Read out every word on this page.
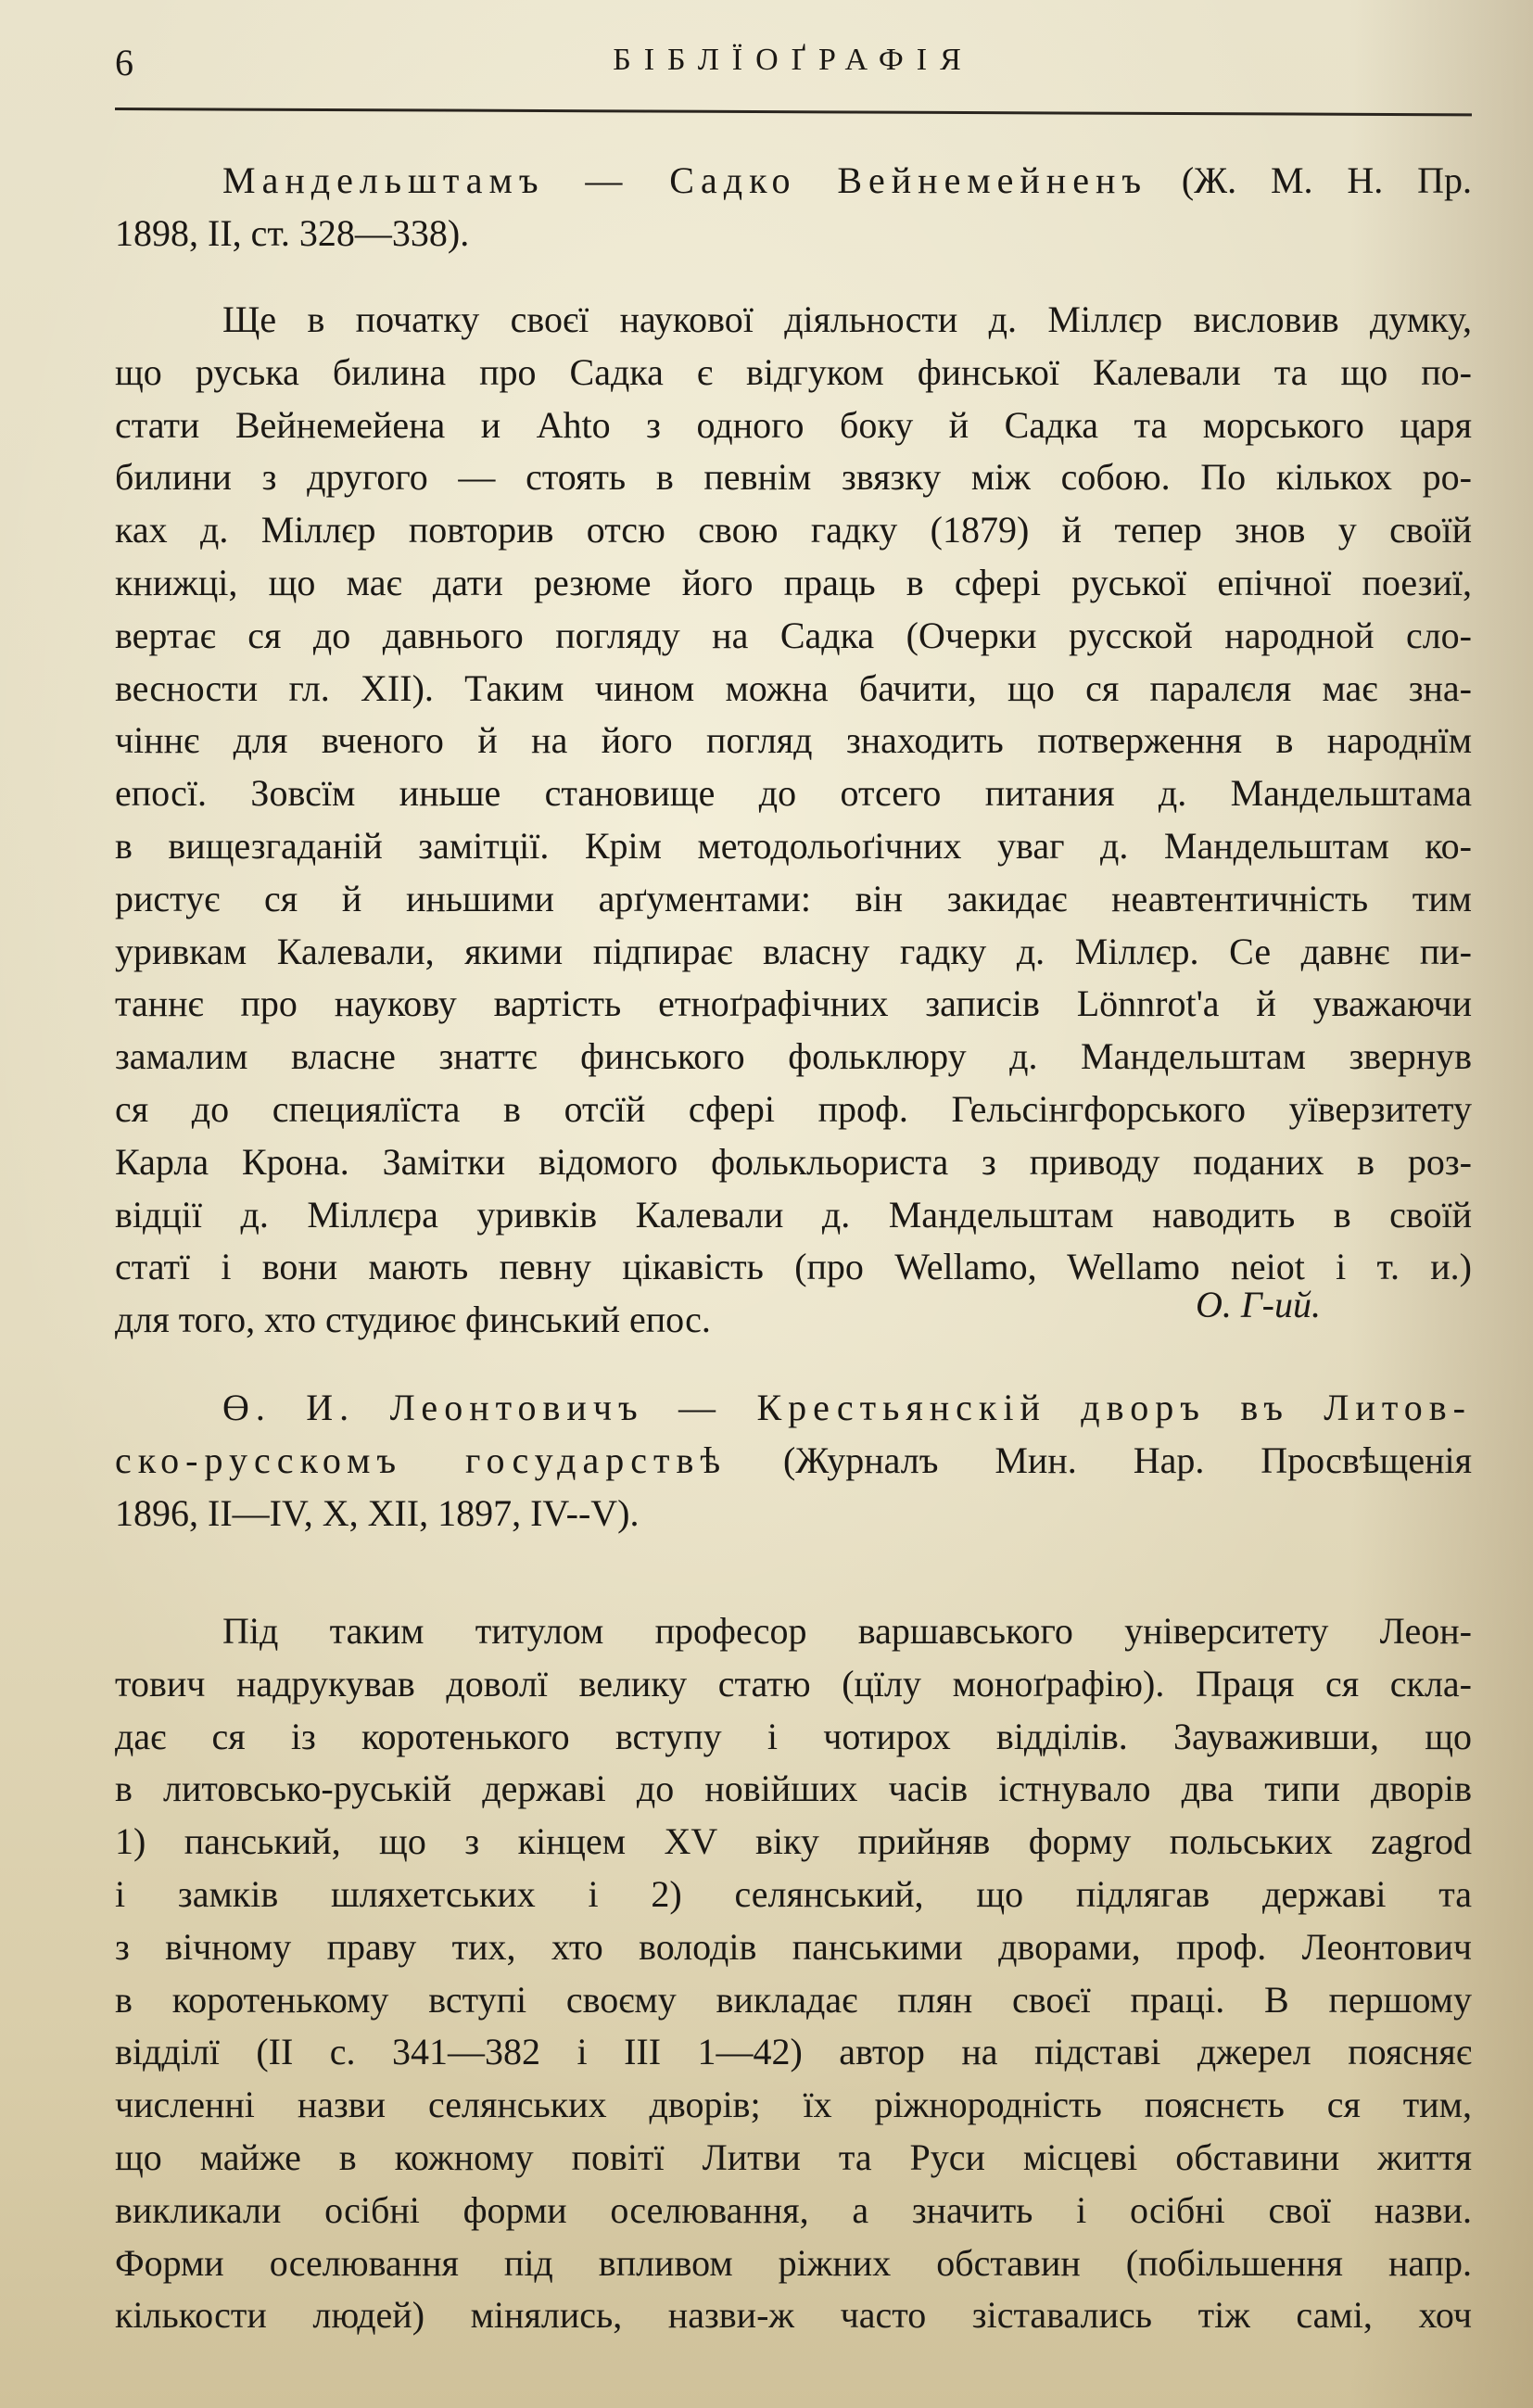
6	БІБЛЇОҐРАФІЯ
Мандельштамъ — Садко Вейнемейненъ (Ж. М. Н. Пр.
1898, II, ст. 328—338).
Ще в початку своєї наукової діяльности д. Міллєр висловив думку,
що руська билина про Садка є відгуком финської Калевали та що по-
стати Вейнемейена и Ahto з одного боку й Садка та морського царя
билини з другого — стоять в певнім звязку між собою. По кількох ро-
ках д. Міллєр повторив отсю свою гадку (1879) й тепер знов у своїй
книжці, що має дати резюме його праць в сфері руської епічної поезиї,
вертає ся до давнього погляду на Садка (Очерки русской народной сло-
весности гл. XII). Таким чином можна бачити, що ся паралєля має зна-
чіннє для вченого й на його погляд знаходить потверження в народнїм
епосї. Зовсїм иньше становище до отсего питания д. Мандельштама
в вищезгаданій замітції. Крім методольоґічних уваг д. Мандельштам ко-
ристує ся й иньшими арґументами: він закидає неавтентичність тим
уривкам Калевали, якими підпирає власну гадку д. Міллєр. Се давнє пи-
таннє про наукову вартість етноґрафічних записів Lönnrot'а й уважаючи
замалим власне знаттє финського фольклюру д. Мандельштам звернув
ся до специялїста в отсїй сфері проф. Гельсінгфорського уїверзитету
Карла Крона. Замітки відомого фолькльориста з приводу поданих в роз-
відції д. Міллєра уривків Калевали д. Мандельштам наводить в своїй
статї і вони мають певну цікавість (про Wellamo, Wellamo neiot і т. и.)
для того, хто студиює финський епос.	О. Г-ий.
Ө. И. Леонтовичъ — Крестьянскій дворъ въ Литов-
ско-русскомъ государствѣ (Журналъ Мин. Нар. Просвѣщенія
1896, II—IV, X, XII, 1897, IV--V).
Під таким титулом професор варшавського університету Леон-
тович надрукував доволї велику статю (цїлу моноґрафію). Праця ся скла-
дає ся із коротенького вступу і чотирох відділів. Зауваживши, що
в литовсько-руській державі до новійших часів істнувало два типи дворів
1) панський, що з кінцем XV віку прийняв форму польських zagrod
і замків шляхетських і 2) селянський, що підлягав державі та
з вічному праву тих, хто володів панськими дворами, проф. Леонтович
в коротенькому вступі своєму викладає плян своєї праці. В першому
відділї (II с. 341—382 і III 1—42) автор на підставі джерел поясняє
численні назви селянських дворів; їх ріжнородність пояснєть ся тим,
що майже в кожному повітї Литви та Руси місцеві обставини життя
викликали осібні форми оселювання, а значить і осібні свої назви.
Форми оселювання під впливом ріжних обставин (побільшення напр.
кількости людей) мінялись, назви-ж часто зіставались тіж самі, хоч
